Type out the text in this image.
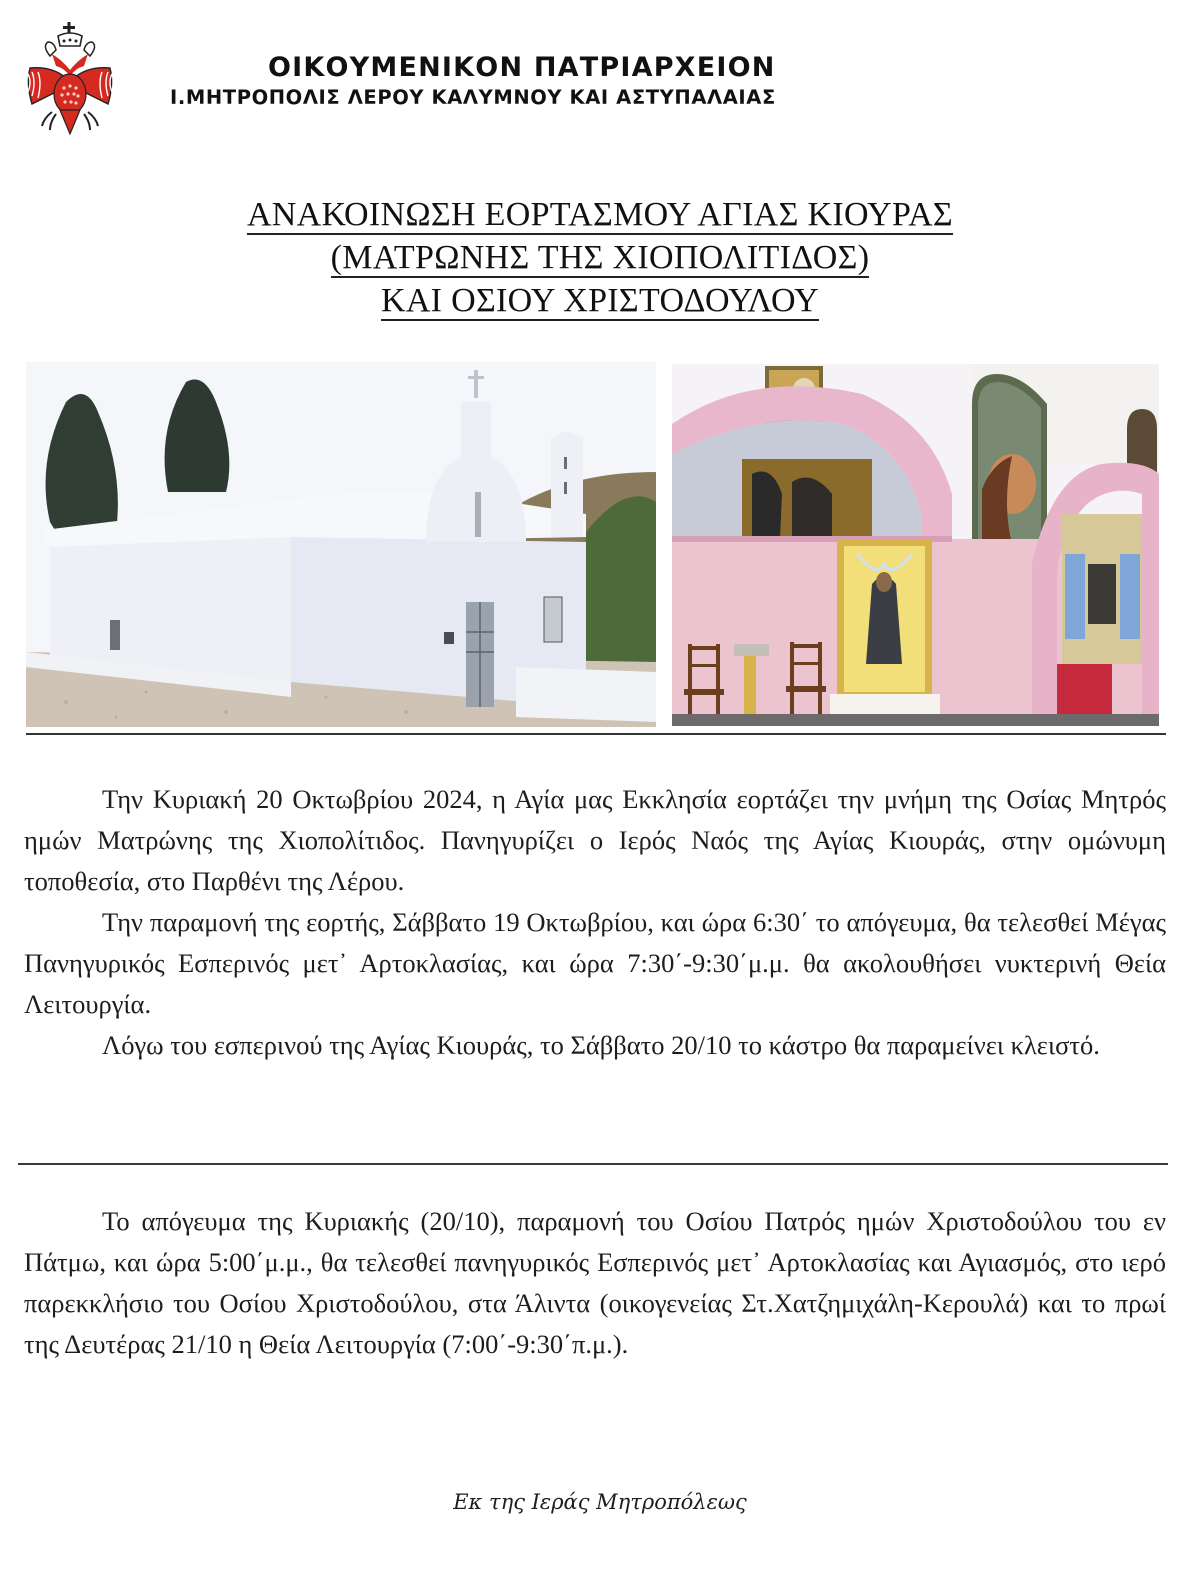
ΟΙΚΟΥΜΕΝΙΚΟΝ ΠΑΤΡΙΑΡΧΕΙΟΝ
Ι.ΜΗΤΡΟΠΟΛΙΣ ΛΕΡΟΥ ΚΑΛΥΜΝΟΥ ΚΑΙ ΑΣΤΥΠΑΛΑΙΑΣ
ΑΝΑΚΟΙΝΩΣΗ ΕΟΡΤΑΣΜΟΥ ΑΓΙΑΣ ΚΙΟΥΡΑΣ
(ΜΑΤΡΩΝΗΣ ΤΗΣ ΧΙΟΠΟΛΙΤΙΔΟΣ)
ΚΑΙ ΟΣΙΟΥ ΧΡΙΣΤΟΔΟΥΛΟΥ

Την Κυριακή 20 Οκτωβρίου 2024, η Αγία μας Εκκλησία εορτάζει την μνήμη της Οσίας Μητρός ημών Ματρώνης της Χιοπολίτιδος. Πανηγυρίζει ο Ιερός Ναός της Αγίας Κιουράς, στην ομώνυμη τοποθεσία, στο Παρθένι της Λέρου.

Την παραμονή της εορτής, Σάββατο 19 Οκτωβρίου, και ώρα 6:30΄ το απόγευμα, θα τελεσθεί Μέγας Πανηγυρικός Εσπερινός μετ᾽ Αρτοκλασίας, και ώρα 7:30΄-9:30΄μ.μ. θα ακολουθήσει νυκτερινή Θεία Λειτουργία.

Λόγω του εσπερινού της Αγίας Κιουράς, το Σάββατο 20/10 το κάστρο θα παραμείνει κλειστό.

Το απόγευμα της Κυριακής (20/10), παραμονή του Οσίου Πατρός ημών Χριστοδούλου του εν Πάτμω, και ώρα 5:00΄μ.μ., θα τελεσθεί πανηγυρικός Εσπερινός μετ᾽ Αρτοκλασίας και Αγιασμός, στο ιερό παρεκκλήσιο του Οσίου Χριστοδούλου, στα Άλιντα (οικογενείας Στ.Χατζημιχάλη-Κερουλά) και το πρωί της Δευτέρας 21/10 η Θεία Λειτουργία (7:00΄-9:30΄π.μ.).

Εκ της Ιεράς Μητροπόλεως
